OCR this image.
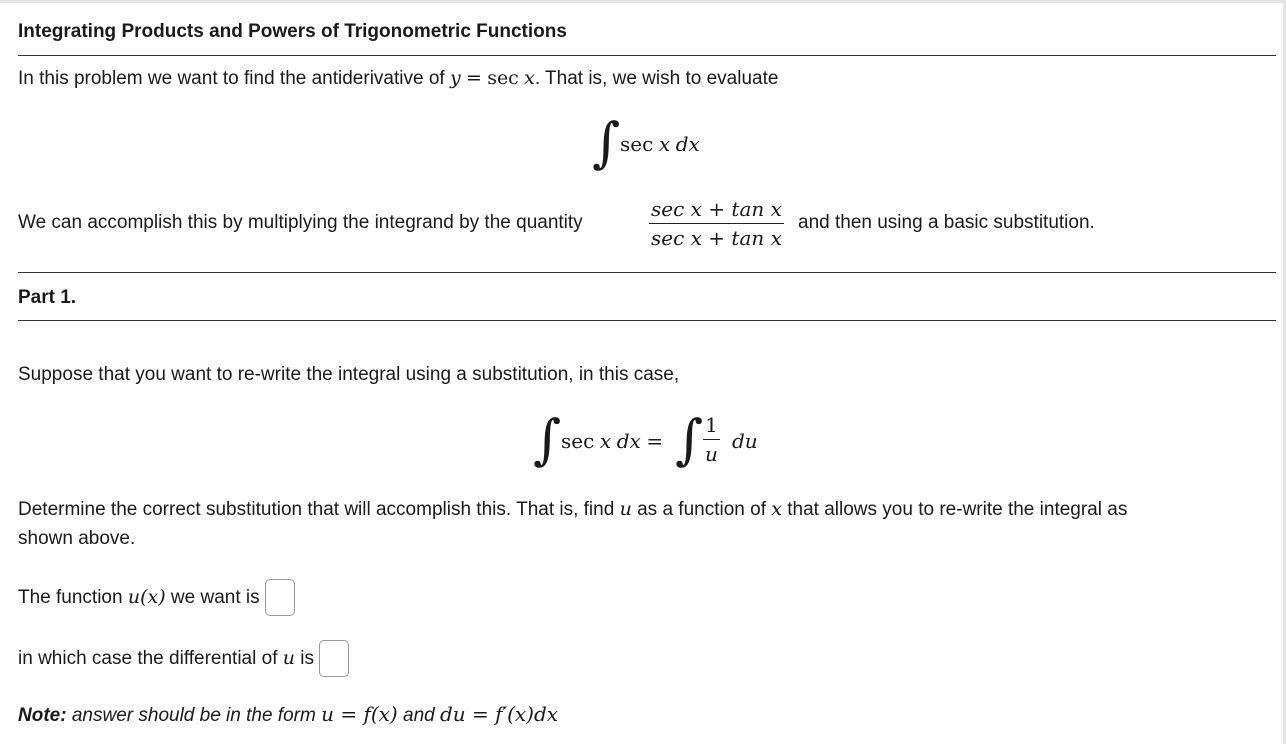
Integrating Products and Powers of Trigonometric Functions
In this problem we want to find the antiderivative of y = sec x. That is, we wish to evaluate
∫ sec x dx
We can accomplish this by multiplying the integrand by the quantity	$\frac{\text{sec x + tan x}}{\text{sec x + tan x}}$ and then using a basic substitution.
Part 1.
Suppose that you want to re-write the integral using a substitution, in this case,
∫ sec x dx = ∫ $\frac{1}{u}$ du
Determine the correct substitution that will accomplish this. That is, find u as a function of x that allows you to re-write the integral as
shown above.
The function u(x) we want is
in which case the differential of u is
Note: answer should be in the form u = f(x) and du = f′(x)dx
